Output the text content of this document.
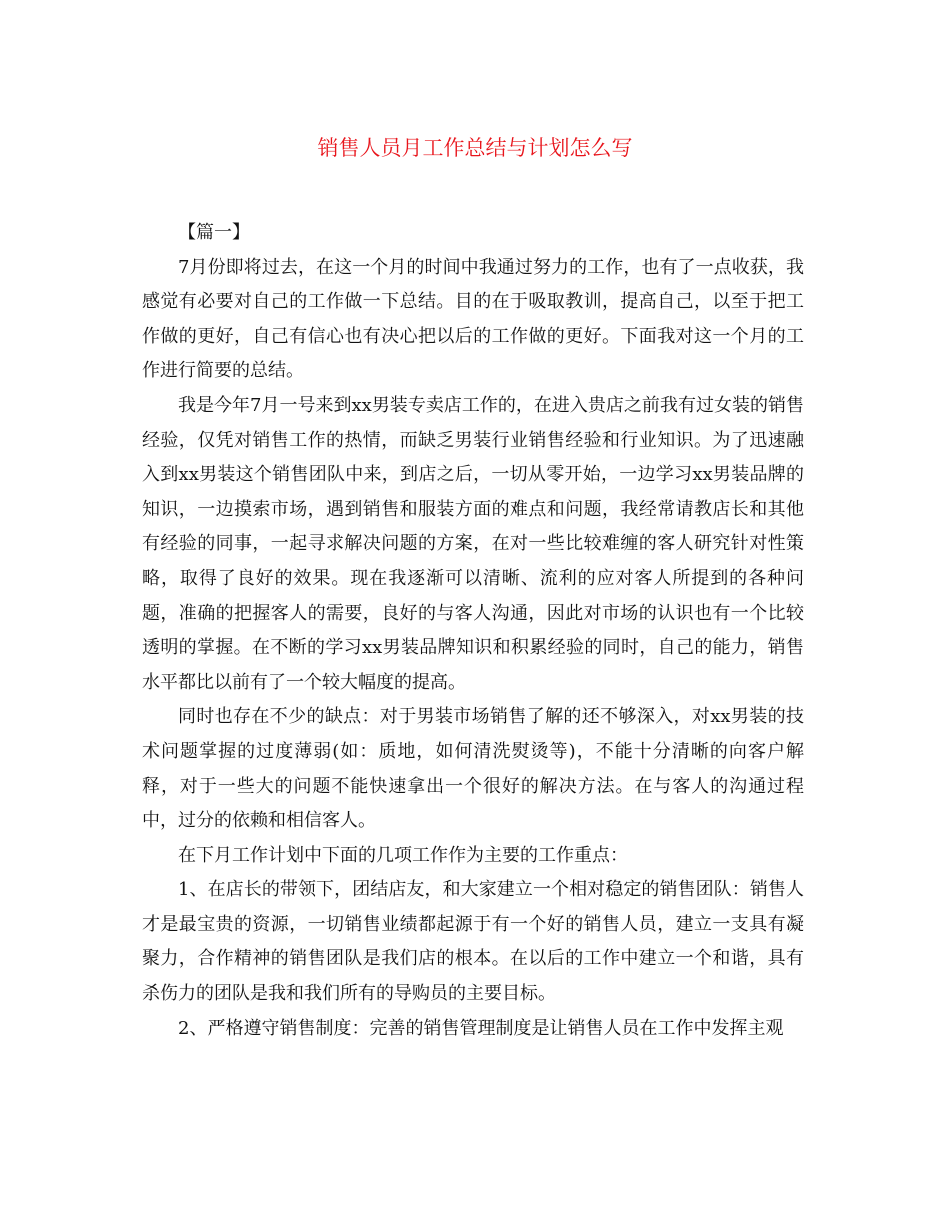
销售人员月工作总结与计划怎么写

【篇一】

7月份即将过去，在这一个月的时间中我通过努力的工作，也有了一点收获，我感觉有必要对自己的工作做一下总结。目的在于吸取教训，提高自己，以至于把工作做的更好，自己有信心也有决心把以后的工作做的更好。下面我对这一个月的工作进行简要的总结。

我是今年7月一号来到xx男装专卖店工作的，在进入贵店之前我有过女装的销售经验，仅凭对销售工作的热情，而缺乏男装行业销售经验和行业知识。为了迅速融入到xx男装这个销售团队中来，到店之后，一切从零开始，一边学习xx男装品牌的知识，一边摸索市场，遇到销售和服装方面的难点和问题，我经常请教店长和其他有经验的同事，一起寻求解决问题的方案，在对一些比较难缠的客人研究针对性策略，取得了良好的效果。现在我逐渐可以清晰、流利的应对客人所提到的各种问题，准确的把握客人的需要，良好的与客人沟通，因此对市场的认识也有一个比较透明的掌握。在不断的学习xx男装品牌知识和积累经验的同时，自己的能力，销售水平都比以前有了一个较大幅度的提高。

同时也存在不少的缺点：对于男装市场销售了解的还不够深入，对xx男装的技术问题掌握的过度薄弱(如：质地，如何清洗熨烫等)，不能十分清晰的向客户解释，对于一些大的问题不能快速拿出一个很好的解决方法。在与客人的沟通过程中，过分的依赖和相信客人。

在下月工作计划中下面的几项工作作为主要的工作重点：

1、在店长的带领下，团结店友，和大家建立一个相对稳定的销售团队：销售人才是最宝贵的资源，一切销售业绩都起源于有一个好的销售人员，建立一支具有凝聚力，合作精神的销售团队是我们店的根本。在以后的工作中建立一个和谐，具有杀伤力的团队是我和我们所有的导购员的主要目标。

2、严格遵守销售制度：完善的销售管理制度是让销售人员在工作中发挥主观
